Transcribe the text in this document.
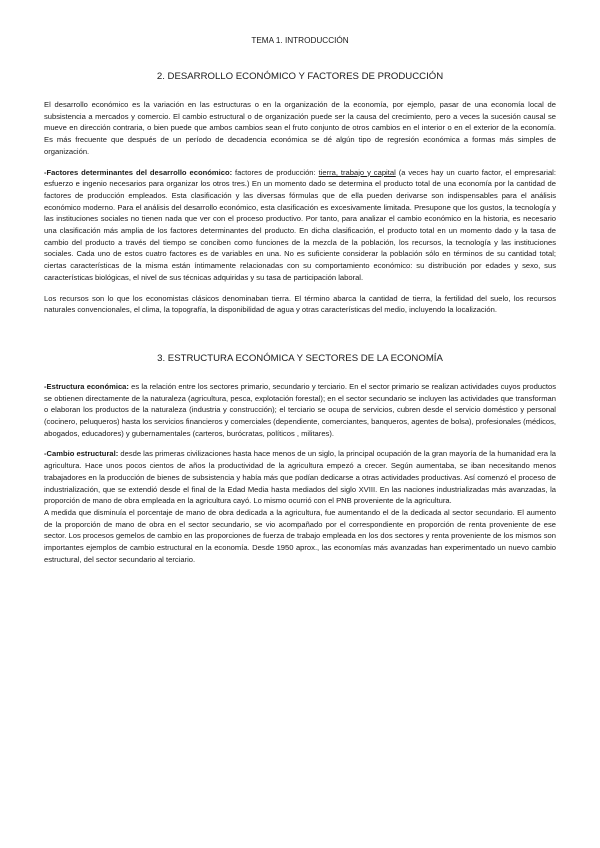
TEMA 1. INTRODUCCIÓN
2. DESARROLLO ECONÓMICO Y FACTORES DE PRODUCCIÓN

El desarrollo económico es la variación en las estructuras o en la organización de la economía, por ejemplo, pasar de una economía local de subsistencia a mercados y comercio. El cambio estructural o de organización puede ser la causa del crecimiento, pero a veces la sucesión causal se mueve en dirección contraria, o bien puede que ambos cambios sean el fruto conjunto de otros cambios en el interior o en el exterior de la economía. Es más frecuente que después de un período de decadencia económica se dé algún tipo de regresión económica a formas más simples de organización.

-Factores determinantes del desarrollo económico: factores de producción: tierra, trabajo y capital (a veces hay un cuarto factor, el empresarial: esfuerzo e ingenio necesarios para organizar los otros tres.) En un momento dado se determina el producto total de una economía por la cantidad de factores de producción empleados. Esta clasificación y las diversas fórmulas que de ella pueden derivarse son indispensables para el análisis económico moderno. Para el análisis del desarrollo económico, esta clasificación es excesivamente limitada. Presupone que los gustos, la tecnología y las instituciones sociales no tienen nada que ver con el proceso productivo. Por tanto, para analizar el cambio económico en la historia, es necesario una clasificación más amplia de los factores determinantes del producto. En dicha clasificación, el producto total en un momento dado y la tasa de cambio del producto a través del tiempo se conciben como funciones de la mezcla de la población, los recursos, la tecnología y las instituciones sociales. Cada uno de estos cuatro factores es de variables en una. No es suficiente considerar la población sólo en términos de su cantidad total; ciertas características de la misma están íntimamente relacionadas con su comportamiento económico: su distribución por edades y sexo, sus características biológicas, el nivel de sus técnicas adquiridas y su tasa de participación laboral.

Los recursos son lo que los economistas clásicos denominaban tierra. El término abarca la cantidad de tierra, la fertilidad del suelo, los recursos naturales convencionales, el clima, la topografía, la disponibilidad de agua y otras características del medio, incluyendo la localización.

3. ESTRUCTURA ECONÓMICA Y SECTORES DE LA ECONOMÍA

-Estructura económica: es la relación entre los sectores primario, secundario y terciario. En el sector primario se realizan actividades cuyos productos se obtienen directamente de la naturaleza (agricultura, pesca, explotación forestal); en el sector secundario se incluyen las actividades que transforman o elaboran los productos de la naturaleza (industria y construcción); el terciario se ocupa de servicios, cubren desde el servicio doméstico y personal (cocinero, peluqueros) hasta los servicios financieros y comerciales (dependiente, comerciantes, banqueros, agentes de bolsa), profesionales (médicos, abogados, educadores) y gubernamentales (carteros, burócratas, políticos , militares).

-Cambio estructural: desde las primeras civilizaciones hasta hace menos de un siglo, la principal ocupación de la gran mayoría de la humanidad era la agricultura. Hace unos pocos cientos de años la productividad de la agricultura empezó a crecer. Según aumentaba, se iban necesitando menos trabajadores en la producción de bienes de subsistencia y había más que podían dedicarse a otras actividades productivas. Así comenzó el proceso de industrialización, que se extendió desde el final de la Edad Media hasta mediados del siglo XVIII. En las naciones industrializadas más avanzadas, la proporción de mano de obra empleada en la agricultura cayó. Lo mismo ocurrió con el PNB proveniente de la agricultura.

A medida que disminuía el porcentaje de mano de obra dedicada a la agricultura, fue aumentando el de la dedicada al sector secundario. El aumento de la proporción de mano de obra en el sector secundario, se vio acompañado por el correspondiente en proporción de renta proveniente de ese sector. Los procesos gemelos de cambio en las proporciones de fuerza de trabajo empleada en los dos sectores y renta proveniente de los mismos son importantes ejemplos de cambio estructural en la economía. Desde 1950 aprox., las economías más avanzadas han experimentado un nuevo cambio estructural, del sector secundario al terciario.
